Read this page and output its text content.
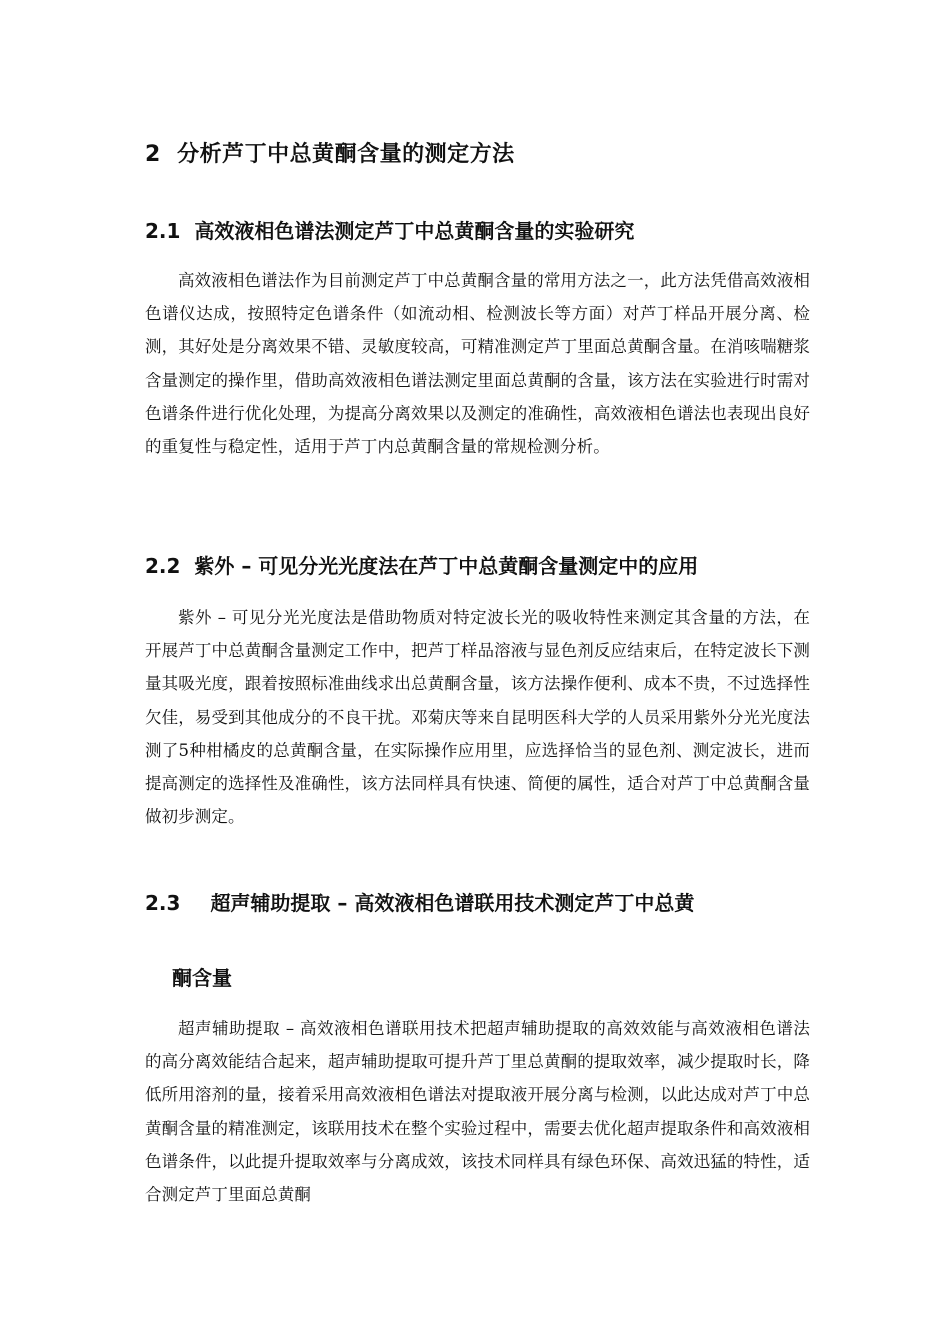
2 分析芦丁中总黄酮含量的测定方法
2.1 高效液相色谱法测定芦丁中总黄酮含量的实验研究

高效液相色谱法作为目前测定芦丁中总黄酮含量的常用方法之一，此方法凭借高效液相色谱仪达成，按照特定色谱条件（如流动相、检测波长等方面）对芦丁样品开展分离、检测，其好处是分离效果不错、灵敏度较高，可精准测定芦丁里面总黄酮含量。在消咳喘糖浆含量测定的操作里，借助高效液相色谱法测定里面总黄酮的含量，该方法在实验进行时需对色谱条件进行优化处理，为提高分离效果以及测定的准确性，高效液相色谱法也表现出良好的重复性与稳定性，适用于芦丁内总黄酮含量的常规检测分析。

2.2 紫外 – 可见分光光度法在芦丁中总黄酮含量测定中的应用

紫外 – 可见分光光度法是借助物质对特定波长光的吸收特性来测定其含量的方法，在开展芦丁中总黄酮含量测定工作中，把芦丁样品溶液与显色剂反应结束后，在特定波长下测量其吸光度，跟着按照标准曲线求出总黄酮含量，该方法操作便利、成本不贵，不过选择性欠佳，易受到其他成分的不良干扰。邓菊庆等来自昆明医科大学的人员采用紫外分光光度法测了5种柑橘皮的总黄酮含量，在实际操作应用里，应选择恰当的显色剂、测定波长，进而提高测定的选择性及准确性，该方法同样具有快速、简便的属性，适合对芦丁中总黄酮含量做初步测定。

2.3 超声辅助提取 – 高效液相色谱联用技术测定芦丁中总黄
酮含量

超声辅助提取 – 高效液相色谱联用技术把超声辅助提取的高效效能与高效液相色谱法的高分离效能结合起来，超声辅助提取可提升芦丁里总黄酮的提取效率，减少提取时长，降低所用溶剂的量，接着采用高效液相色谱法对提取液开展分离与检测，以此达成对芦丁中总黄酮含量的精准测定，该联用技术在整个实验过程中，需要去优化超声提取条件和高效液相色谱条件，以此提升提取效率与分离成效，该技术同样具有绿色环保、高效迅猛的特性，适合测定芦丁里面总黄酮
